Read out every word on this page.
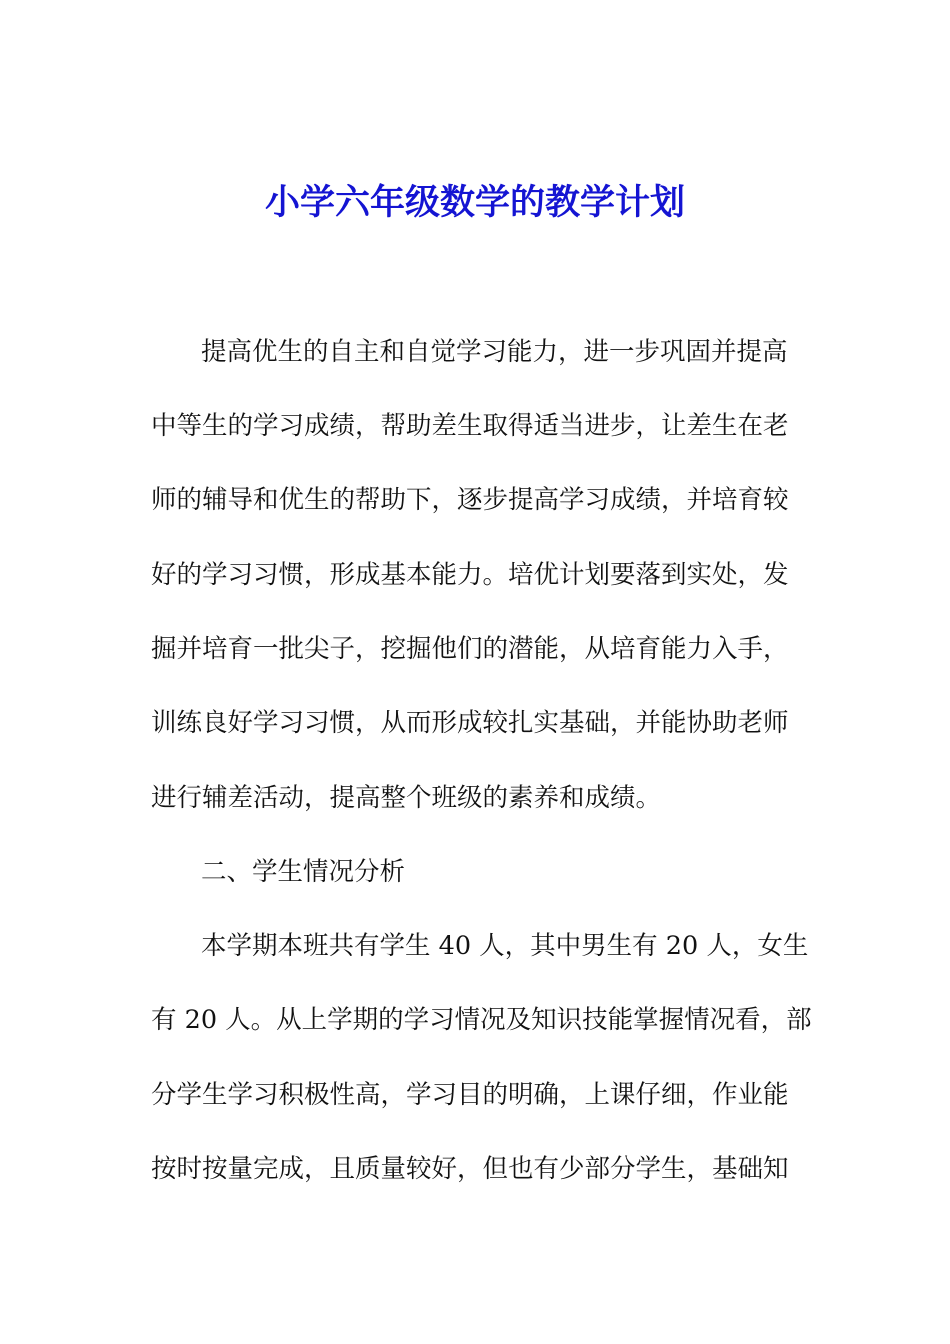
小学六年级数学的教学计划

提高优生的自主和自觉学习能力，进一步巩固并提高

中等生的学习成绩，帮助差生取得适当进步，让差生在老

师的辅导和优生的帮助下，逐步提高学习成绩，并培育较

好的学习习惯，形成基本能力。培优计划要落到实处，发

掘并培育一批尖子，挖掘他们的潜能，从培育能力入手，

训练良好学习习惯，从而形成较扎实基础，并能协助老师

进行辅差活动，提高整个班级的素养和成绩。

二、学生情况分析

本学期本班共有学生 40 人，其中男生有 20 人，女生

有 20 人。从上学期的学习情况及知识技能掌握情况看，部

分学生学习积极性高，学习目的明确，上课仔细，作业能

按时按量完成，且质量较好，但也有少部分学生，基础知
